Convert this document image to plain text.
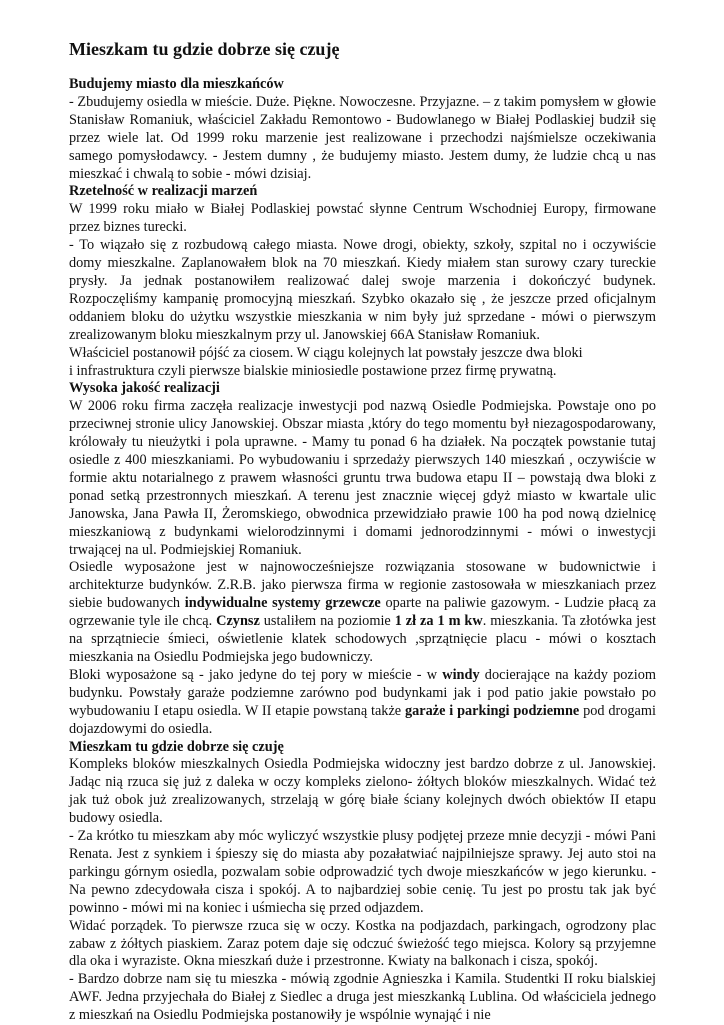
Mieszkam tu gdzie dobrze się czuję
Budujemy miasto dla mieszkańców

- Zbudujemy osiedla w mieście. Duże. Piękne. Nowoczesne. Przyjazne. – z takim pomysłem w głowie Stanisław Romaniuk, właściciel Zakładu Remontowo - Budowlanego w Białej Podlaskiej budził się przez wiele lat. Od 1999 roku marzenie jest realizowane i przechodzi najśmielsze oczekiwania samego pomysłodawcy. - Jestem dumny , że budujemy miasto. Jestem dumy, że ludzie chcą u nas mieszkać i chwalą to sobie - mówi dzisiaj.

Rzetelność w realizacji marzeń

W 1999 roku miało w Białej Podlaskiej powstać słynne Centrum Wschodniej Europy, firmowane przez biznes turecki.

- To wiązało się z rozbudową całego miasta. Nowe drogi, obiekty, szkoły, szpital no i oczywiście domy mieszkalne. Zaplanowałem blok na 70 mieszkań. Kiedy miałem stan surowy czary tureckie prysły. Ja jednak postanowiłem realizować dalej swoje marzenia i dokończyć budynek. Rozpoczęliśmy kampanię promocyjną mieszkań. Szybko okazało się , że jeszcze przed oficjalnym oddaniem bloku do użytku wszystkie mieszkania w nim były już sprzedane - mówi o pierwszym zrealizowanym bloku mieszkalnym przy ul. Janowskiej 66A Stanisław Romaniuk.

Właściciel postanowił pójść za ciosem. W ciągu kolejnych lat powstały jeszcze dwa bloki

i infrastruktura czyli pierwsze bialskie miniosiedle postawione przez firmę prywatną.

Wysoka jakość realizacji

W 2006 roku firma zaczęła realizacje inwestycji pod nazwą Osiedle Podmiejska. Powstaje ono po przeciwnej stronie ulicy Janowskiej. Obszar miasta ,który do tego momentu był niezagospodarowany, królowały tu nieużytki i pola uprawne. - Mamy tu ponad 6 ha działek. Na początek powstanie tutaj osiedle z 400 mieszkaniami. Po wybudowaniu i sprzedaży pierwszych 140 mieszkań , oczywiście w formie aktu notarialnego z prawem własności gruntu trwa budowa etapu II – powstają dwa bloki z ponad setką przestronnych mieszkań. A terenu jest znacznie więcej gdyż miasto w kwartale ulic Janowska, Jana Pawła II, Żeromskiego, obwodnica przewidziało prawie 100 ha pod nową dzielnicę mieszkaniową z budynkami wielorodzinnymi i domami jednorodzinnymi - mówi o inwestycji trwającej na ul. Podmiejskiej Romaniuk.

Osiedle wyposażone jest w najnowocześniejsze rozwiązania stosowane w budownictwie i architekturze budynków. Z.R.B. jako pierwsza firma w regionie zastosowała w mieszkaniach przez siebie budowanych indywidualne systemy grzewcze oparte na paliwie gazowym. - Ludzie płacą za ogrzewanie tyle ile chcą. Czynsz ustaliłem na poziomie 1 zł za 1 m kw. mieszkania. Ta złotówka jest na sprzątniecie śmieci, oświetlenie klatek schodowych ,sprzątnięcie placu - mówi o kosztach mieszkania na Osiedlu Podmiejska jego budowniczy.

Bloki wyposażone są - jako jedyne do tej pory w mieście - w windy docierające na każdy poziom budynku. Powstały garaże podziemne zarówno pod budynkami jak i pod patio jakie powstało po wybudowaniu I etapu osiedla. W II etapie powstaną także garaże i parkingi podziemne pod drogami dojazdowymi do osiedla.

Mieszkam tu gdzie dobrze się czuję

Kompleks bloków mieszkalnych Osiedla Podmiejska widoczny jest bardzo dobrze z ul. Janowskiej. Jadąc nią rzuca się już z daleka w oczy kompleks zielono- żółtych bloków mieszkalnych. Widać też jak tuż obok już zrealizowanych, strzelają w górę białe ściany kolejnych dwóch obiektów II etapu budowy osiedla.

- Za krótko tu mieszkam aby móc wyliczyć wszystkie plusy podjętej przeze mnie decyzji - mówi Pani Renata. Jest z synkiem i śpieszy się do miasta aby pozałatwiać najpilniejsze sprawy. Jej auto stoi na parkingu górnym osiedla, pozwalam sobie odprowadzić tych dwoje mieszkańców w jego kierunku. - Na pewno zdecydowała cisza i spokój. A to najbardziej sobie cenię. Tu jest po prostu tak jak być powinno - mówi mi na koniec i uśmiecha się przed odjazdem.

Widać porządek. To pierwsze rzuca się w oczy. Kostka na podjazdach, parkingach, ogrodzony plac zabaw z żółtych piaskiem. Zaraz potem daje się odczuć świeżość tego miejsca. Kolory są przyjemne dla oka i wyraziste. Okna mieszkań duże i przestronne. Kwiaty na balkonach i cisza, spokój.

- Bardzo dobrze nam się tu mieszka - mówią zgodnie Agnieszka i Kamila. Studentki II roku bialskiej AWF. Jedna przyjechała do Białej z Siedlec a druga jest mieszkanką Lublina. Od właściciela jednego z mieszkań na Osiedlu Podmiejska postanowiły je wspólnie wynająć i nie
